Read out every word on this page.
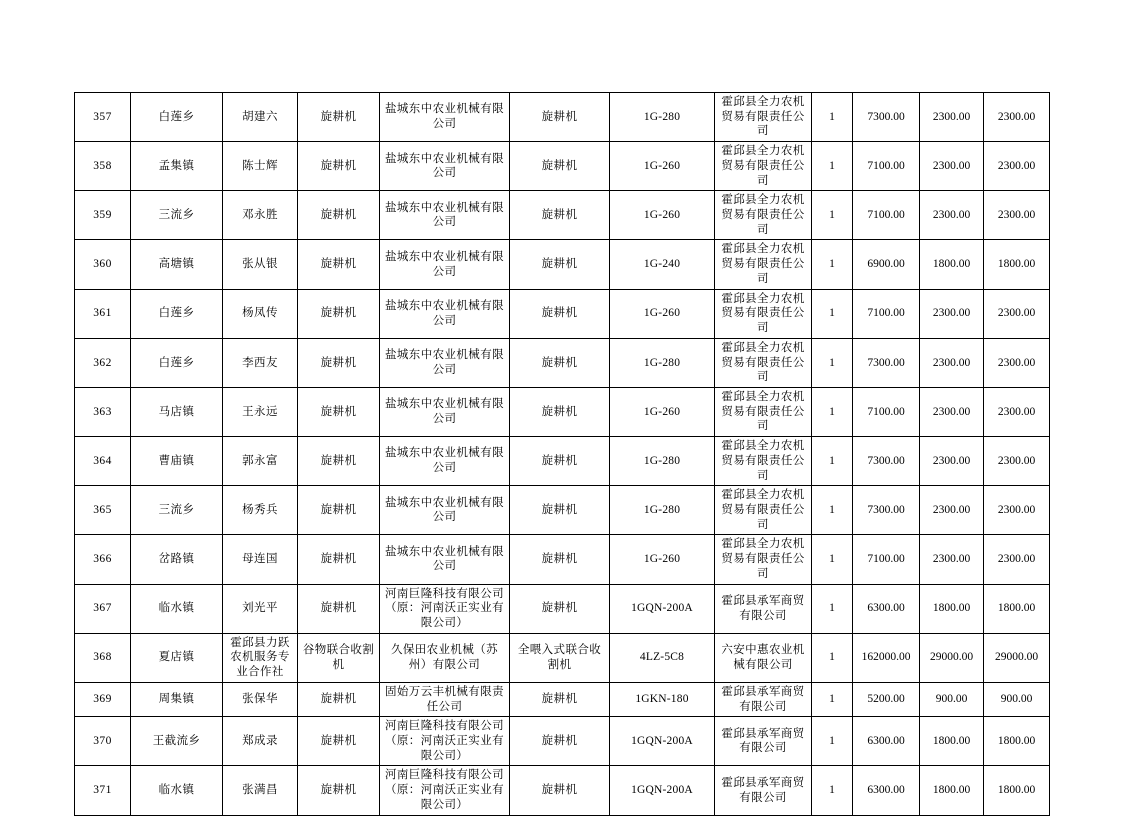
357	白莲乡	胡建六	旋耕机	盐城东中农业机械有限公司	旋耕机	1G-280	霍邱县全力农机贸易有限责任公司	1	7300.00	2300.00	2300.00
358	孟集镇	陈士辉	旋耕机	盐城东中农业机械有限公司	旋耕机	1G-260	霍邱县全力农机贸易有限责任公司	1	7100.00	2300.00	2300.00
359	三流乡	邓永胜	旋耕机	盐城东中农业机械有限公司	旋耕机	1G-260	霍邱县全力农机贸易有限责任公司	1	7100.00	2300.00	2300.00
360	高塘镇	张从银	旋耕机	盐城东中农业机械有限公司	旋耕机	1G-240	霍邱县全力农机贸易有限责任公司	1	6900.00	1800.00	1800.00
361	白莲乡	杨凤传	旋耕机	盐城东中农业机械有限公司	旋耕机	1G-260	霍邱县全力农机贸易有限责任公司	1	7100.00	2300.00	2300.00
362	白莲乡	李西友	旋耕机	盐城东中农业机械有限公司	旋耕机	1G-280	霍邱县全力农机贸易有限责任公司	1	7300.00	2300.00	2300.00
363	马店镇	王永远	旋耕机	盐城东中农业机械有限公司	旋耕机	1G-260	霍邱县全力农机贸易有限责任公司	1	7100.00	2300.00	2300.00
364	曹庙镇	郭永富	旋耕机	盐城东中农业机械有限公司	旋耕机	1G-280	霍邱县全力农机贸易有限责任公司	1	7300.00	2300.00	2300.00
365	三流乡	杨秀兵	旋耕机	盐城东中农业机械有限公司	旋耕机	1G-280	霍邱县全力农机贸易有限责任公司	1	7300.00	2300.00	2300.00
366	岔路镇	母连国	旋耕机	盐城东中农业机械有限公司	旋耕机	1G-260	霍邱县全力农机贸易有限责任公司	1	7100.00	2300.00	2300.00
367	临水镇	刘光平	旋耕机	河南巨隆科技有限公司（原：河南沃正实业有限公司）	旋耕机	1GQN-200A	霍邱县承军商贸有限公司	1	6300.00	1800.00	1800.00
368	夏店镇	霍邱县力跃农机服务专业合作社	谷物联合收割机	久保田农业机械（苏州）有限公司	全喂入式联合收割机	4LZ-5C8	六安中惠农业机械有限公司	1	162000.00	29000.00	29000.00
369	周集镇	张保华	旋耕机	固始万云丰机械有限责任公司	旋耕机	1GKN-180	霍邱县承军商贸有限公司	1	5200.00	900.00	900.00
370	王截流乡	郑成录	旋耕机	河南巨隆科技有限公司（原：河南沃正实业有限公司）	旋耕机	1GQN-200A	霍邱县承军商贸有限公司	1	6300.00	1800.00	1800.00
371	临水镇	张满昌	旋耕机	河南巨隆科技有限公司（原：河南沃正实业有限公司）	旋耕机	1GQN-200A	霍邱县承军商贸有限公司	1	6300.00	1800.00	1800.00
